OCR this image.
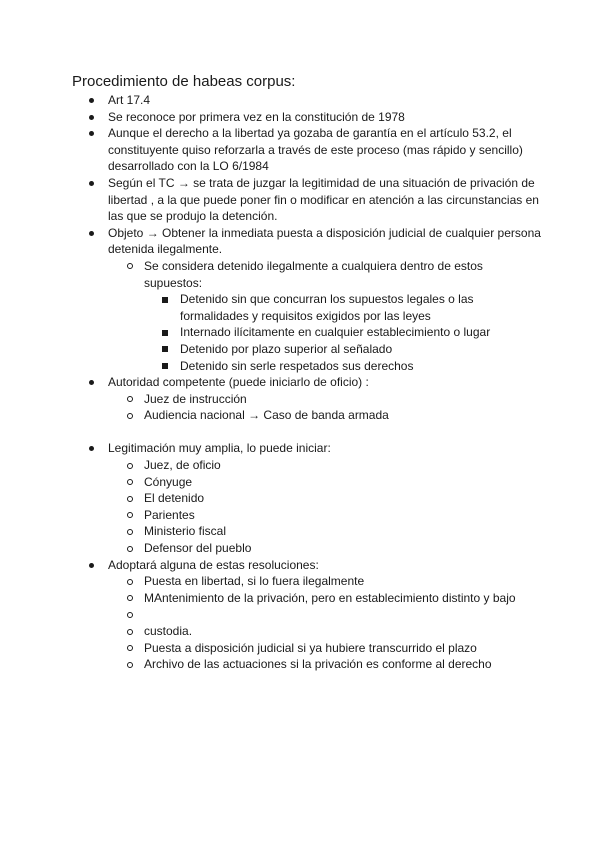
Procedimiento de habeas corpus:
Art 17.4
Se reconoce por primera vez en la constitución de 1978
Aunque el derecho a la libertad ya gozaba de garantía en el artículo 53.2, el constituyente quiso reforzarla a través de este proceso (mas rápido y sencillo) desarrollado con la LO 6/1984
Según el TC → se trata de juzgar la legitimidad de una situación de privación de libertad , a la que puede poner fin o modificar en atención a las circunstancias en las que se produjo la detención.
Objeto → Obtener la inmediata puesta a disposición judicial de cualquier persona detenida ilegalmente.
Se considera detenido ilegalmente a cualquiera dentro de estos supuestos:
Detenido sin que concurran los supuestos legales o las formalidades y requisitos exigidos por las leyes
Internado ilícitamente en cualquier establecimiento o lugar
Detenido por plazo superior al señalado
Detenido sin serle respetados sus derechos
Autoridad competente (puede iniciarlo de oficio) :
Juez de instrucción
Audiencia nacional → Caso de banda armada
Legitimación muy amplia, lo puede iniciar:
Juez, de oficio
Cónyuge
El detenido
Parientes
Ministerio fiscal
Defensor del pueblo
Adoptará alguna de estas resoluciones:
Puesta en libertad, si lo fuera ilegalmente
MAntenimiento de la privación, pero en establecimiento distinto y bajo
custodia.
Puesta a disposición judicial si ya hubiere transcurrido el plazo
Archivo de las actuaciones si la privación es conforme al derecho
